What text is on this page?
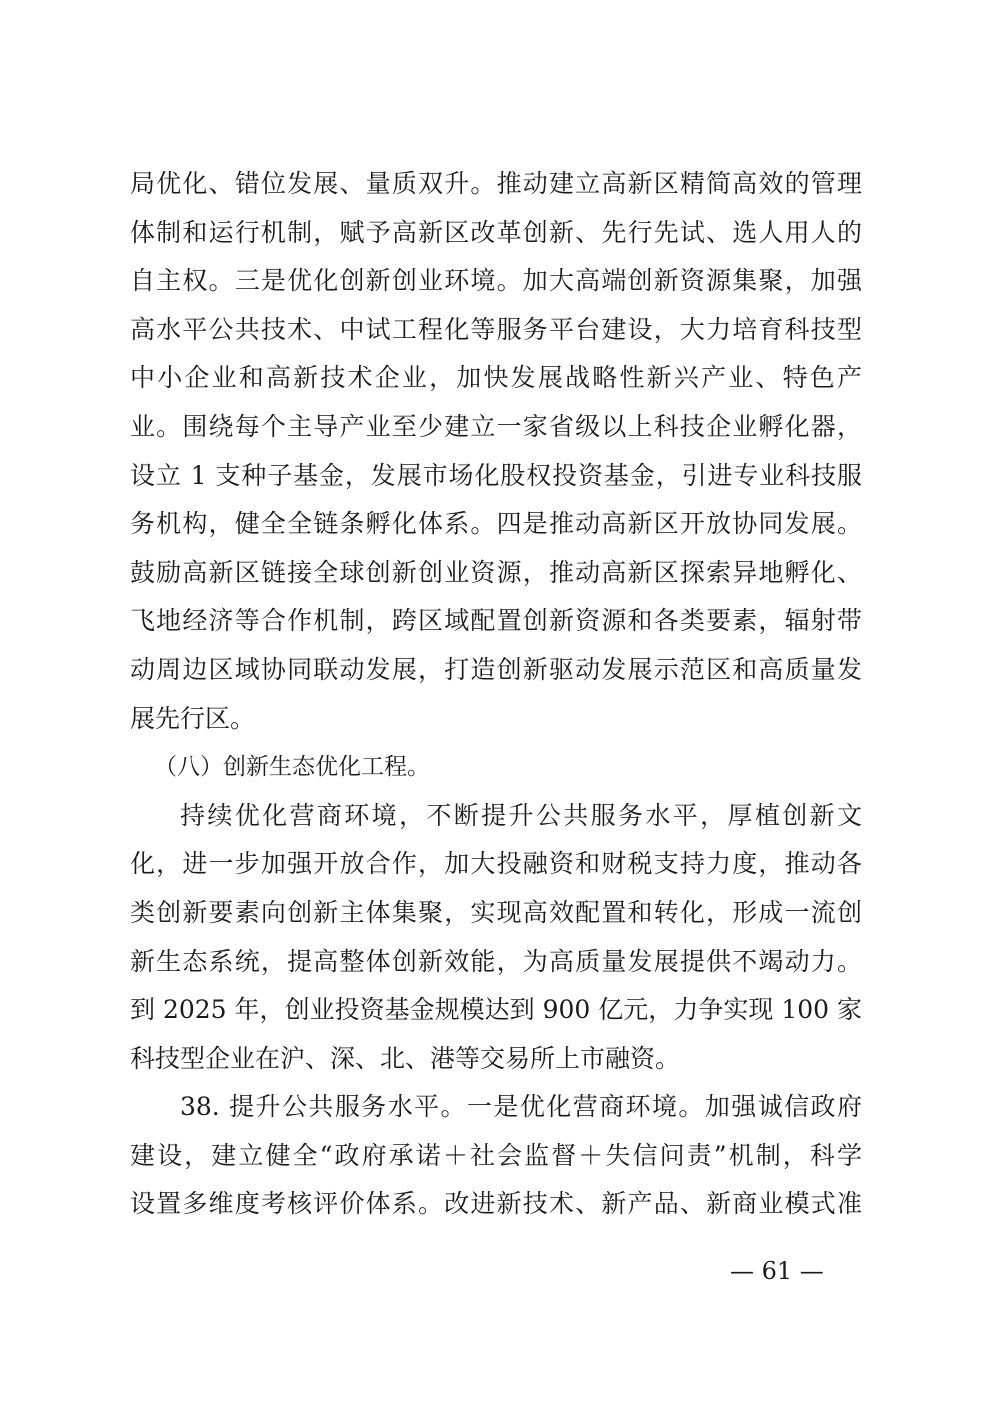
局优化、错位发展、量质双升。推动建立高新区精简高效的管理
体制和运行机制，赋予高新区改革创新、先行先试、选人用人的
自主权。三是优化创新创业环境。加大高端创新资源集聚，加强
高水平公共技术、中试工程化等服务平台建设，大力培育科技型
中小企业和高新技术企业，加快发展战略性新兴产业、特色产
业。围绕每个主导产业至少建立一家省级以上科技企业孵化器，
设立 1 支种子基金，发展市场化股权投资基金，引进专业科技服
务机构，健全全链条孵化体系。四是推动高新区开放协同发展。
鼓励高新区链接全球创新创业资源，推动高新区探索异地孵化、
飞地经济等合作机制，跨区域配置创新资源和各类要素，辐射带
动周边区域协同联动发展，打造创新驱动发展示范区和高质量发
展先行区。
（八）创新生态优化工程。
持续优化营商环境，不断提升公共服务水平，厚植创新文
化，进一步加强开放合作，加大投融资和财税支持力度，推动各
类创新要素向创新主体集聚，实现高效配置和转化，形成一流创
新生态系统，提高整体创新效能，为高质量发展提供不竭动力。
到 2025 年，创业投资基金规模达到 900 亿元，力争实现 100 家
科技型企业在沪、深、北、港等交易所上市融资。
38. 提升公共服务水平。一是优化营商环境。加强诚信政府
建设，建立健全“政府承诺＋社会监督＋失信问责”机制，科学
设置多维度考核评价体系。改进新技术、新产品、新商业模式准
— 61 —
